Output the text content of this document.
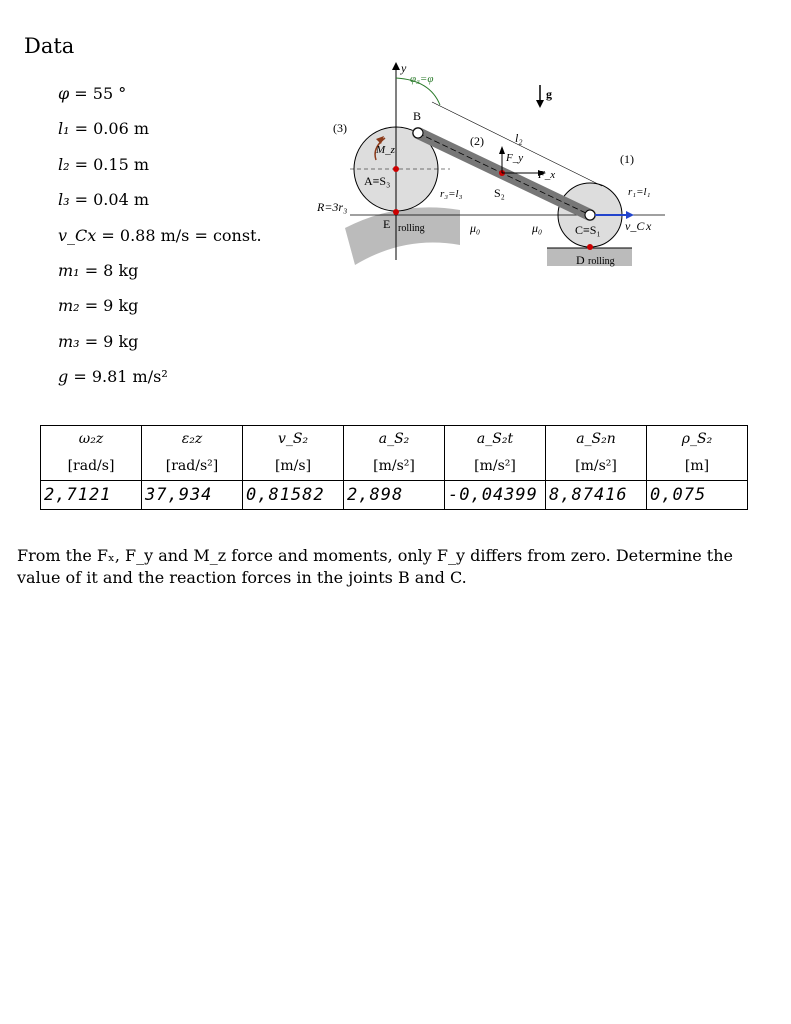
Data
φ = 55 °
l₁ = 0.06 m
l₂ = 0.15 m
l₃ = 0.04 m
v_Cx = 0.88 m/s = const.
m₁ = 8 kg
m₂ = 9 kg
m₃ = 9 kg
g = 9.81 m/s²
y
φ₃=φ
g
B
(2)	l₂
(3)
M_z
F_y
F_x
(1)
A≡S₃
r₃=l₃	S₂	r₁=l₁
R=3r₃
E rolling	μ₀	μ₀	C≡S₁ v_C x
D rolling
ω₂z	ε₂z	v_S₂	a_S₂	a_S₂t	a_S₂n	ρ_S₂
[rad/s]	[rad/s²]	[m/s]	[m/s²]	[m/s²]	[m/s²]	[m]
2,7121	37,934	0,81582	2,898	-0,04399	8,87416	0,075
From the Fₓ, F_y and M_z force and moments, only F_y differs from zero. Determine the value of it and the reaction forces in the joints B and C.
